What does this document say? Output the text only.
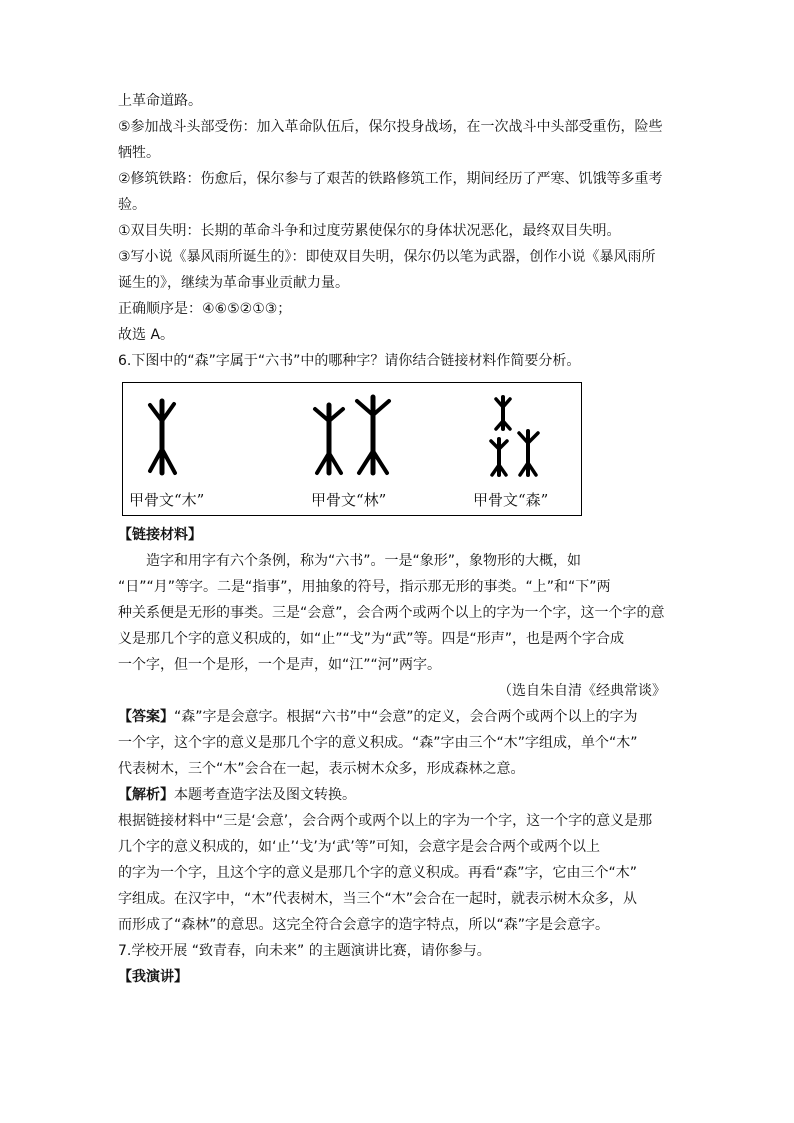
上革命道路。
⑤参加战斗头部受伤：加入革命队伍后，保尔投身战场，在一次战斗中头部受重伤，险些
牺牲。
②修筑铁路：伤愈后，保尔参与了艰苦的铁路修筑工作，期间经历了严寒、饥饿等多重考
验。
①双目失明：长期的革命斗争和过度劳累使保尔的身体状况恶化，最终双目失明。
③写小说《暴风雨所诞生的》：即使双目失明，保尔仍以笔为武器，创作小说《暴风雨所
诞生的》，继续为革命事业贡献力量。
正确顺序是：④⑥⑤②①③；
故选 A。
6.下图中的“森”字属于“六书”中的哪种字？请你结合链接材料作简要分析。
甲骨文“木”	甲骨文“林”	甲骨文“森”
【链接材料】
造字和用字有六个条例，称为“六书”。一是“象形”，象物形的大概，如
“日”“月”等字。二是“指事”，用抽象的符号，指示那无形的事类。“上”和“下”两
种关系便是无形的事类。三是“会意”，会合两个或两个以上的字为一个字，这一个字的意
义是那几个字的意义积成的，如“止”“戈”为“武”等。四是“形声”，也是两个字合成
一个字，但一个是形，一个是声，如“江”“河”两字。
（选自朱自清《经典常谈》
【答案】“森”字是会意字。根据“六书”中“会意”的定义，会合两个或两个以上的字为
一个字，这个字的意义是那几个字的意义积成。“森”字由三个“木”字组成，单个“木”
代表树木，三个“木”会合在一起，表示树木众多，形成森林之意。
【解析】本题考查造字法及图文转换。
根据链接材料中“三是‘会意’，会合两个或两个以上的字为一个字，这一个字的意义是那
几个字的意义积成的，如‘止’‘戈’为‘武’等”可知，会意字是会合两个或两个以上
的字为一个字，且这个字的意义是那几个字的意义积成。再看“森”字，它由三个“木”
字组成。在汉字中，“木”代表树木，当三个“木”会合在一起时，就表示树木众多，从
而形成了“森林”的意思。这完全符合会意字的造字特点，所以“森”字是会意字。
7.学校开展 “致青春，向未来” 的主题演讲比赛，请你参与。
【我演讲】
